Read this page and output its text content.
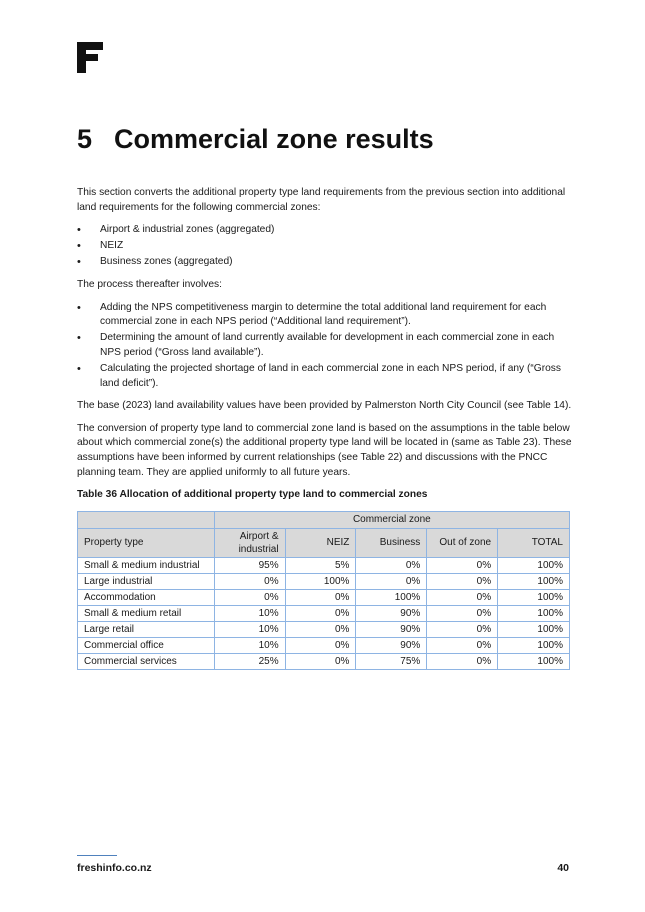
5 Commercial zone results

This section converts the additional property type land requirements from the previous section into additional land requirements for the following commercial zones:

• Airport & industrial zones (aggregated)
• NEIZ
• Business zones (aggregated)

The process thereafter involves:

• Adding the NPS competitiveness margin to determine the total additional land requirement for each commercial zone in each NPS period (“Additional land requirement”).
• Determining the amount of land currently available for development in each commercial zone in each NPS period (“Gross land available”).
• Calculating the projected shortage of land in each commercial zone in each NPS period, if any (“Gross land deficit”).

The base (2023) land availability values have been provided by Palmerston North City Council (see Table 14).

The conversion of property type land to commercial zone land is based on the assumptions in the table below about which commercial zone(s) the additional property type land will be located in (same as Table 23). These assumptions have been informed by current relationships (see Table 22) and discussions with the PNCC planning team. They are applied uniformly to all future years.

Table 36 Allocation of additional property type land to commercial zones

	Commercial zone				
Property type	Airport & industrial	NEIZ	Business	Out of zone	TOTAL
Small & medium industrial	95%	5%	0%	0%	100%
Large industrial	0%	100%	0%	0%	100%
Accommodation	0%	0%	100%	0%	100%
Small & medium retail	10%	0%	90%	0%	100%
Large retail	10%	0%	90%	0%	100%
Commercial office	10%	0%	90%	0%	100%
Commercial services	25%	0%	75%	0%	100%
freshinfo.co.nz	40
